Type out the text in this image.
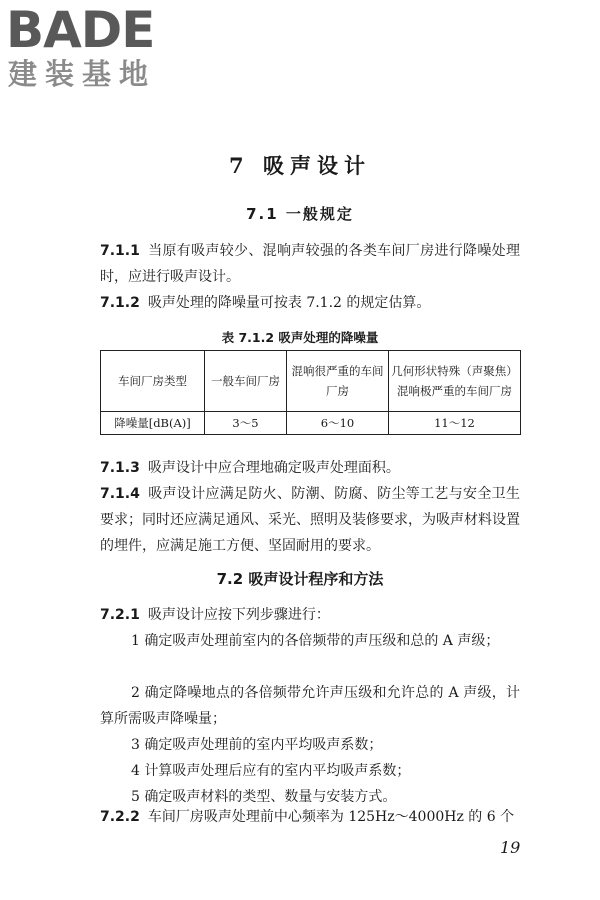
BADE
建装基地
7 吸声设计
7.1 一般规定
7.1.1 当原有吸声较少、混响声较强的各类车间厂房进行降噪处理时，应进行吸声设计。
7.1.2 吸声处理的降噪量可按表 7.1.2 的规定估算。
表 7.1.2 吸声处理的降噪量
车间厂房类型	一般车间厂房	混响很严重的车间厂房	几何形状特殊（声聚焦）混响极严重的车间厂房
降噪量[dB(A)]	3～5	6～10	11～12
7.1.3 吸声设计中应合理地确定吸声处理面积。
7.1.4 吸声设计应满足防火、防潮、防腐、防尘等工艺与安全卫生要求；同时还应满足通风、采光、照明及装修要求，为吸声材料设置的埋件，应满足施工方便、坚固耐用的要求。
7.2 吸声设计程序和方法
7.2.1 吸声设计应按下列步骤进行：
1 确定吸声处理前室内的各倍频带的声压级和总的 A 声级；
2 确定降噪地点的各倍频带允许声压级和允许总的 A 声级，计算所需吸声降噪量；
3 确定吸声处理前的室内平均吸声系数；
4 计算吸声处理后应有的室内平均吸声系数；
5 确定吸声材料的类型、数量与安装方式。
7.2.2 车间厂房吸声处理前中心频率为 125Hz～4000Hz 的 6 个
19
